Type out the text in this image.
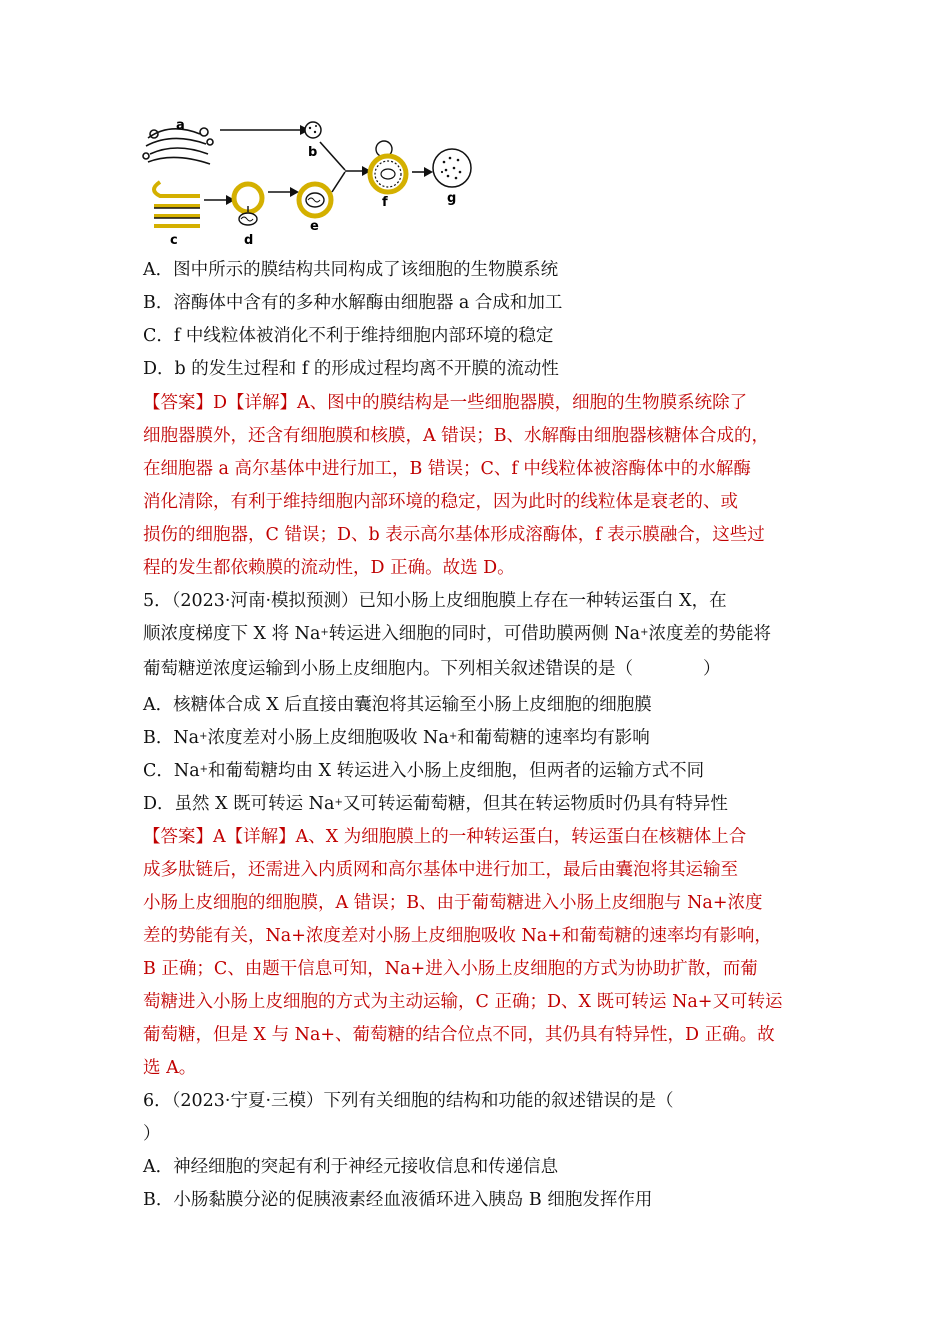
a
b
c	d
e
f	g
A．图中所示的膜结构共同构成了该细胞的生物膜系统
B．溶酶体中含有的多种水解酶由细胞器 a 合成和加工
C．f 中线粒体被消化不利于维持细胞内部环境的稳定
D．b 的发生过程和 f 的形成过程均离不开膜的流动性
【答案】D【详解】A、图中的膜结构是一些细胞器膜，细胞的生物膜系统除了
细胞器膜外，还含有细胞膜和核膜，A 错误；B、水解酶由细胞器核糖体合成的，
在细胞器 a 高尔基体中进行加工，B 错误；C、f 中线粒体被溶酶体中的水解酶
消化清除，有利于维持细胞内部环境的稳定，因为此时的线粒体是衰老的、或
损伤的细胞器，C 错误；D、b 表示高尔基体形成溶酶体，f 表示膜融合，这些过
程的发生都依赖膜的流动性，D 正确。故选 D。
5．（2023·河南·模拟预测）已知小肠上皮细胞膜上存在一种转运蛋白 X，在
顺浓度梯度下 X 将 Na+转运进入细胞的同时，可借助膜两侧 Na+浓度差的势能将
葡萄糖逆浓度运输到小肠上皮细胞内。下列相关叙述错误的是（　　　　）
A．核糖体合成 X 后直接由囊泡将其运输至小肠上皮细胞的细胞膜
B．Na+浓度差对小肠上皮细胞吸收 Na+和葡萄糖的速率均有影响
C．Na+和葡萄糖均由 X 转运进入小肠上皮细胞，但两者的运输方式不同
D．虽然 X 既可转运 Na+又可转运葡萄糖，但其在转运物质时仍具有特异性
【答案】A【详解】A、X 为细胞膜上的一种转运蛋白，转运蛋白在核糖体上合
成多肽链后，还需进入内质网和高尔基体中进行加工，最后由囊泡将其运输至
小肠上皮细胞的细胞膜，A 错误；B、由于葡萄糖进入小肠上皮细胞与 Na+浓度
差的势能有关，Na+浓度差对小肠上皮细胞吸收 Na+和葡萄糖的速率均有影响，
B 正确；C、由题干信息可知，Na+进入小肠上皮细胞的方式为协助扩散，而葡
萄糖进入小肠上皮细胞的方式为主动运输，C 正确；D、X 既可转运 Na+又可转运
葡萄糖，但是 X 与 Na+、葡萄糖的结合位点不同，其仍具有特异性，D 正确。故
选 A。
6．（2023·宁夏·三模）下列有关细胞的结构和功能的叙述错误的是（
）
A．神经细胞的突起有利于神经元接收信息和传递信息
B．小肠黏膜分泌的促胰液素经血液循环进入胰岛 B 细胞发挥作用
